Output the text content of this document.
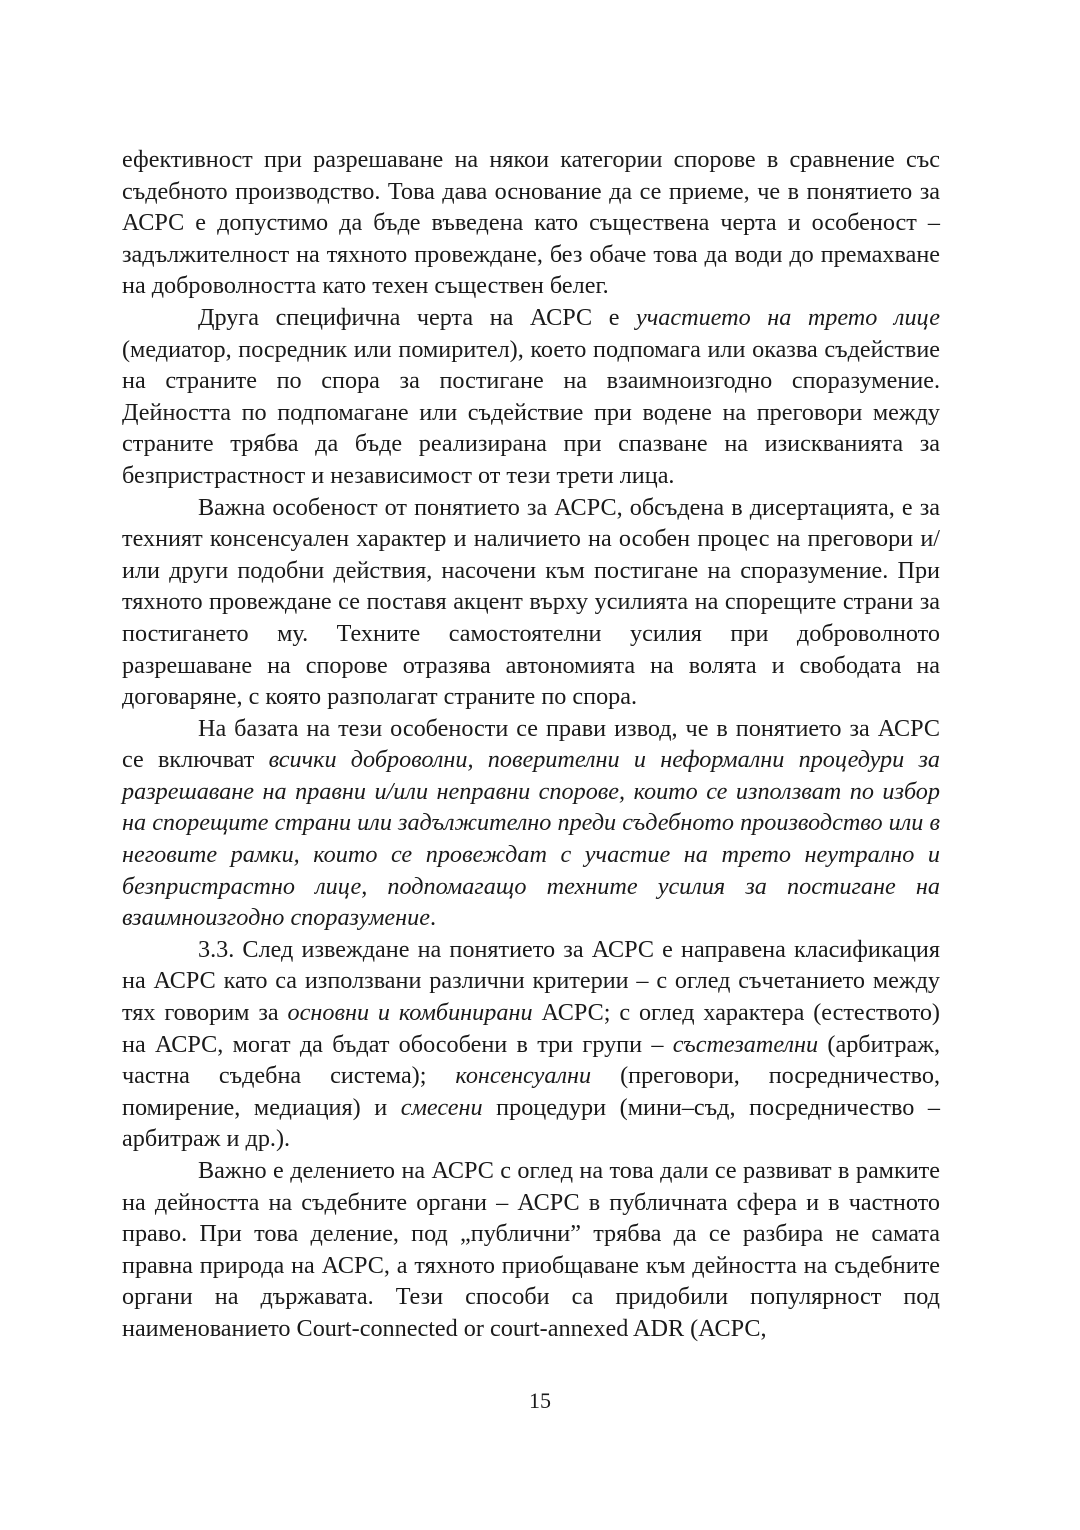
ефективност при разрешаване на някои категории спорове в сравнение със съдебното производство. Това дава основание да се приеме, че в понятието за АСРС е допустимо да бъде въведена като съществена черта и особеност – задължителност на тяхното провеждане, без обаче това да води до премахване на доброволността като техен съществен белег.

Друга специфична черта на АСРС е участието на трето лице (медиатор, посредник или помирител), което подпомага или оказва съдействие на страните по спора за постигане на взаимноизгодно споразумение. Дейността по подпомагане или съдействие при водене на преговори между страните трябва да бъде реализирана при спазване на изискванията за безпристрастност и независимост от тези трети лица.

Важна особеност от понятието за АСРС, обсъдена в дисертацията, е за техният консенсуален характер и наличието на особен процес на преговори и/или други подобни действия, насочени към постигане на споразумение. При тяхното провеждане се поставя акцент върху усилията на спорещите страни за постигането му. Техните самостоятелни усилия при доброволното разрешаване на спорове отразява автономията на волята и свободата на договаряне, с която разполагат страните по спора.

На базата на тези особености се прави извод, че в понятието за АСРС се включват всички доброволни, поверителни и неформални процедури за разрешаване на правни и/или неправни спорове, които се използват по избор на спорещите страни или задължително преди съдебното производство или в неговите рамки, които се провеждат с участие на трето неутрално и безпристрастно лице, подпомагащо техните усилия за постигане на взаимноизгодно споразумение.

3.3. След извеждане на понятието за АСРС е направена класификация на АСРС като са използвани различни критерии – с оглед съчетанието между тях говорим за основни и комбинирани АСРС; с оглед характера (естеството) на АСРС, могат да бъдат обособени в три групи – състезателни (арбитраж, частна съдебна система); консенсуални (преговори, посредничество, помирение, медиация) и смесени процедури (мини–съд, посредничество – арбитраж и др.).

Важно е делението на АСРС с оглед на това дали се развиват в рамките на дейността на съдебните органи – АСРС в публичната сфера и в частното право. При това деление, под „публични” трябва да се разбира не самата правна природа на АСРС, а тяхното приобщаване към дейността на съдебните органи на държавата. Тези способи са придобили популярност под наименованието Court-connected or court-annexed ADR (АСРС,

15
